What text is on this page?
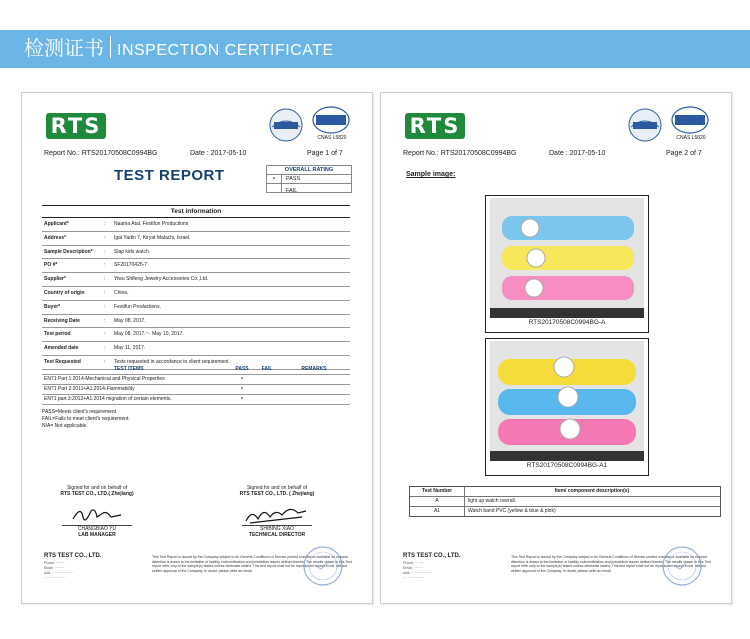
检测证书 INSPECTION CERTIFICATE
RTS	CNAS L5820
Report No.: RTS20170508C0994BG	Date : 2017-05-10	Page 1 of 7
TEST REPORT	OVERALL RATING
× PASS
FAIL
Test information
Applicant*	: Naama Atal, Festifun Productions
Address*	: Igal Yadin 7, Kiryat Malachi, Israel.
Sample Description* : Slap kids watch.
PO #*	: SF20170425-7
Supplier*	: Yiwu Shifeng Jewelry Accessories Co.,Ltd.
Country of origin	: China.
Buyer*	: Festifun Productions.
Receiving Date	: May 08, 2017.
Test period	: May 08, 2017.～ May 10, 2017.
Amended date	: May 11, 2017.
Test Requested	: Tests requested in accordance to client requirement.
TEST ITEMS	PASS	FAIL	REMARKS
EN71 Part 1:2014-Mechanical and Physical Properties	×
EN71 Part 2:2011+A1:2014-Flammability	×
EN71 part 3:2013+A1:2014 migration of certain elements.	×
PASS=Meets client's requirement.
FAIL=Fails to meet client's requirement.
N/A= Not applicable.
Signed for and on behalf of
RTS TEST CO., LTD.( Zhejiang)
CHANGBIAO YU
LAB MANAGER
Signed for and on behalf of
RTS TEST CO., LTD. ( Zhejiang)
SHIBING XIAO
TECHNICAL DIRECTOR
RTS TEST CO., LTD.
Phone: ········
Email: ········
Add: ··················
··················
This Test Report is issued by the Company subject to its General Conditions of Service printed overleaf or available on request. Attention is drawn to the limitation of liability, indemnification and jurisdiction issues defined therein. The results shown in this Test report refer only to the sample(s) tested unless otherwise stated. This test report shall not be reproduced except in full, without written approval of the Company. In doubt, please write an email.
RTS	CNAS L5820
Report No.: RTS20170508C0994BG	Date : 2017-05-10	Page 2 of 7
Sample image:
RTS20170508C0994BG-A
RTS20170508C0994BG-A1
Test Number	Item/ component description(s)
A	light up watch overall.
A1	Watch band PVC (yellow & blue & pink)
RTS TEST CO., LTD.
Phone: ········
Email: ········
Add: ··················
··················
This Test Report is issued by the Company subject to its General Conditions of Service printed overleaf or available on request. Attention is drawn to the limitation of liability, indemnification and jurisdiction issues defined therein. The results shown in this Test report refer only to the sample(s) tested unless otherwise stated. This test report shall not be reproduced except in full, without written approval of the Company. In doubt, please write an email.
